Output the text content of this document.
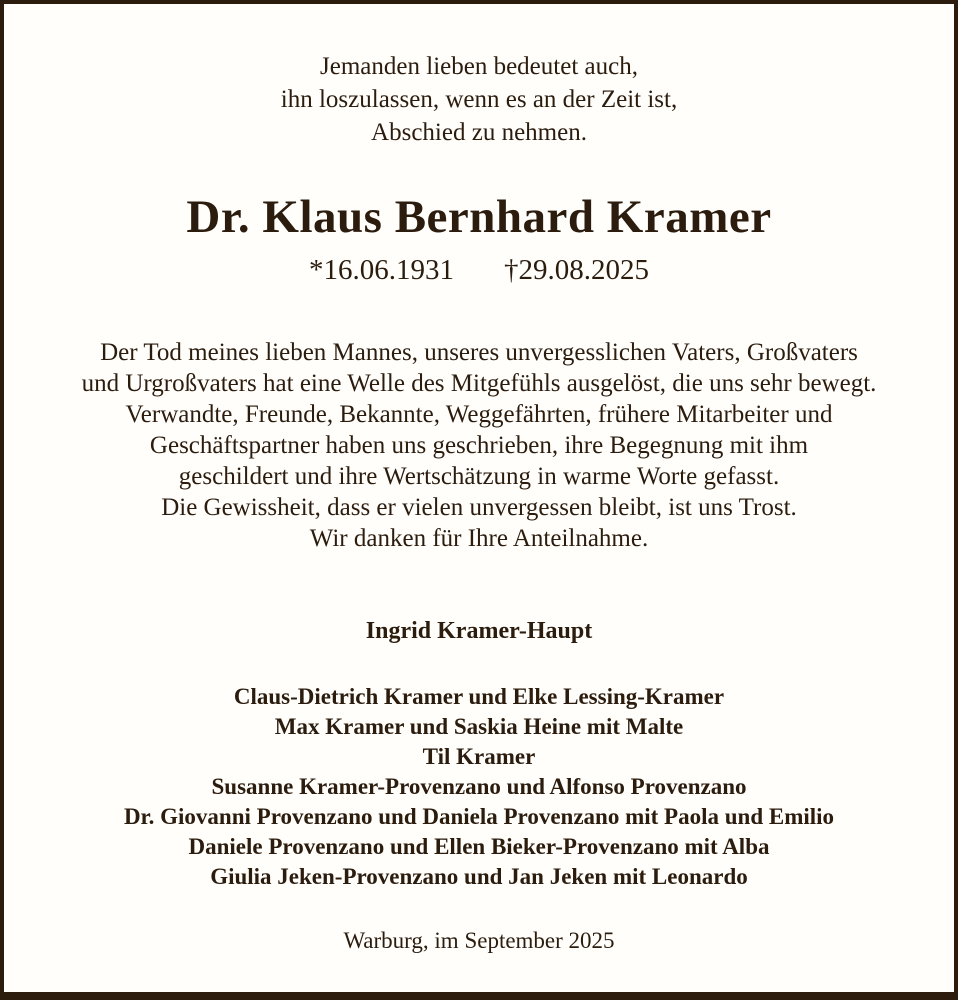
Jemanden lieben bedeutet auch,
ihn loszulassen, wenn es an der Zeit ist,
Abschied zu nehmen.
Dr. Klaus Bernhard Kramer
*16.06.1931 †29.08.2025
Der Tod meines lieben Mannes, unseres unvergesslichen Vaters, Großvaters
und Urgroßvaters hat eine Welle des Mitgefühls ausgelöst, die uns sehr bewegt.
Verwandte, Freunde, Bekannte, Weggefährten, frühere Mitarbeiter und
Geschäftspartner haben uns geschrieben, ihre Begegnung mit ihm
geschildert und ihre Wertschätzung in warme Worte gefasst.
Die Gewissheit, dass er vielen unvergessen bleibt, ist uns Trost.
Wir danken für Ihre Anteilnahme.
Ingrid Kramer-Haupt
Claus-Dietrich Kramer und Elke Lessing-Kramer
Max Kramer und Saskia Heine mit Malte
Til Kramer
Susanne Kramer-Provenzano und Alfonso Provenzano
Dr. Giovanni Provenzano und Daniela Provenzano mit Paola und Emilio
Daniele Provenzano und Ellen Bieker-Provenzano mit Alba
Giulia Jeken-Provenzano und Jan Jeken mit Leonardo
Warburg, im September 2025
